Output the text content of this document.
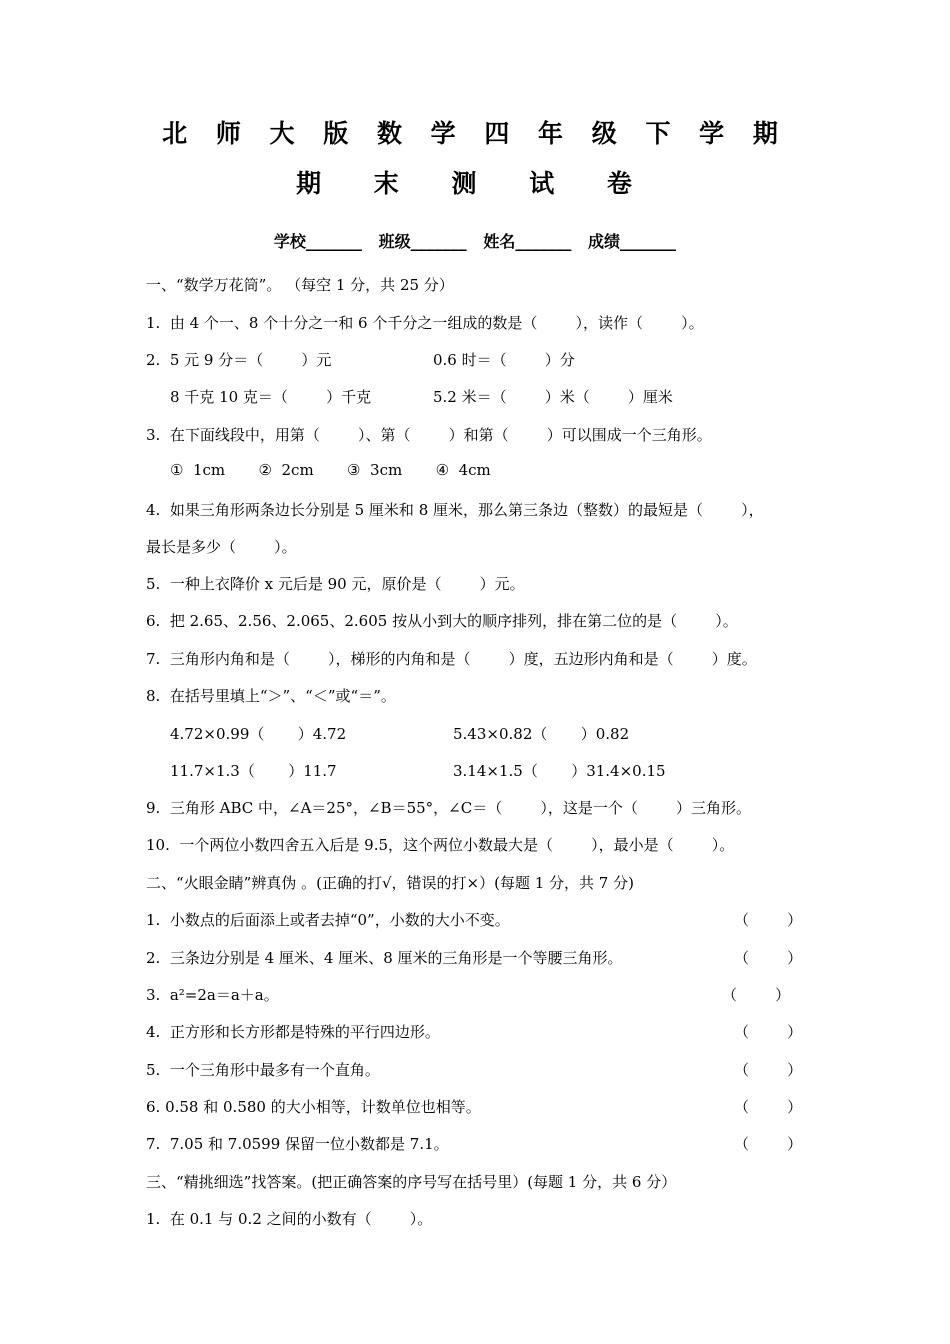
北 师 大 版 数 学 四 年 级 下 学 期
期 末 测 试 卷
学校_______   班级_______   姓名_______   成绩_______
一、“数学万花筒”。 （每空 1 分，共 25 分）
1.  由 4 个一、8 个十分之一和 6 个千分之一组成的数是（        ），读作（        ）。
2.  5 元 9 分＝（        ）元	0.6 时＝（        ）分
8 千克 10 克＝（        ）千克	5.2 米＝（        ）米（        ）厘米
3.  在下面线段中，用第（        ）、第（        ）和第（        ）可以围成一个三角形。
①  1cm       ②  2cm       ③  3cm       ④  4cm
4.  如果三角形两条边长分别是 5 厘米和 8 厘米，那么第三条边（整数）的最短是（        ），
最长是多少（        ）。
5.  一种上衣降价 x 元后是 90 元，原价是（        ）元。
6.  把 2.65、2.56、2.065、2.605 按从小到大的顺序排列，排在第二位的是（        ）。
7.  三角形内角和是（        ），梯形的内角和是（        ）度，五边形内角和是（        ）度。
8.  在括号里填上“＞”、“＜”或“＝”。
4.72×0.99（       ）4.72	5.43×0.82（       ）0.82
11.7×1.3（       ）11.7	3.14×1.5（       ）31.4×0.15
9.  三角形 ABC 中，∠A＝25°，∠B＝55°，∠C＝（        ），这是一个（        ）三角形。
10.  一个两位小数四舍五入后是 9.5，这个两位小数最大是（        ），最小是（        ）。
二、“火眼金睛”辨真伪 。(正确的打√，错误的打×）(每题 1 分，共 7 分)
1.  小数点的后面添上或者去掉“0”，小数的大小不变。	（        ）
2.  三条边分别是 4 厘米、4 厘米、8 厘米的三角形是一个等腰三角形。	（        ）
3.  a²=2a＝a＋a。	（        ）
4.  正方形和长方形都是特殊的平行四边形。	（        ）
5.  一个三角形中最多有一个直角。	（        ）
6. 0.58 和 0.580 的大小相等，计数单位也相等。	（        ）
7.  7.05 和 7.0599 保留一位小数都是 7.1。	（        ）
三、“精挑细选”找答案。(把正确答案的序号写在括号里）(每题 1 分，共 6 分）
1.  在 0.1 与 0.2 之间的小数有（        ）。
